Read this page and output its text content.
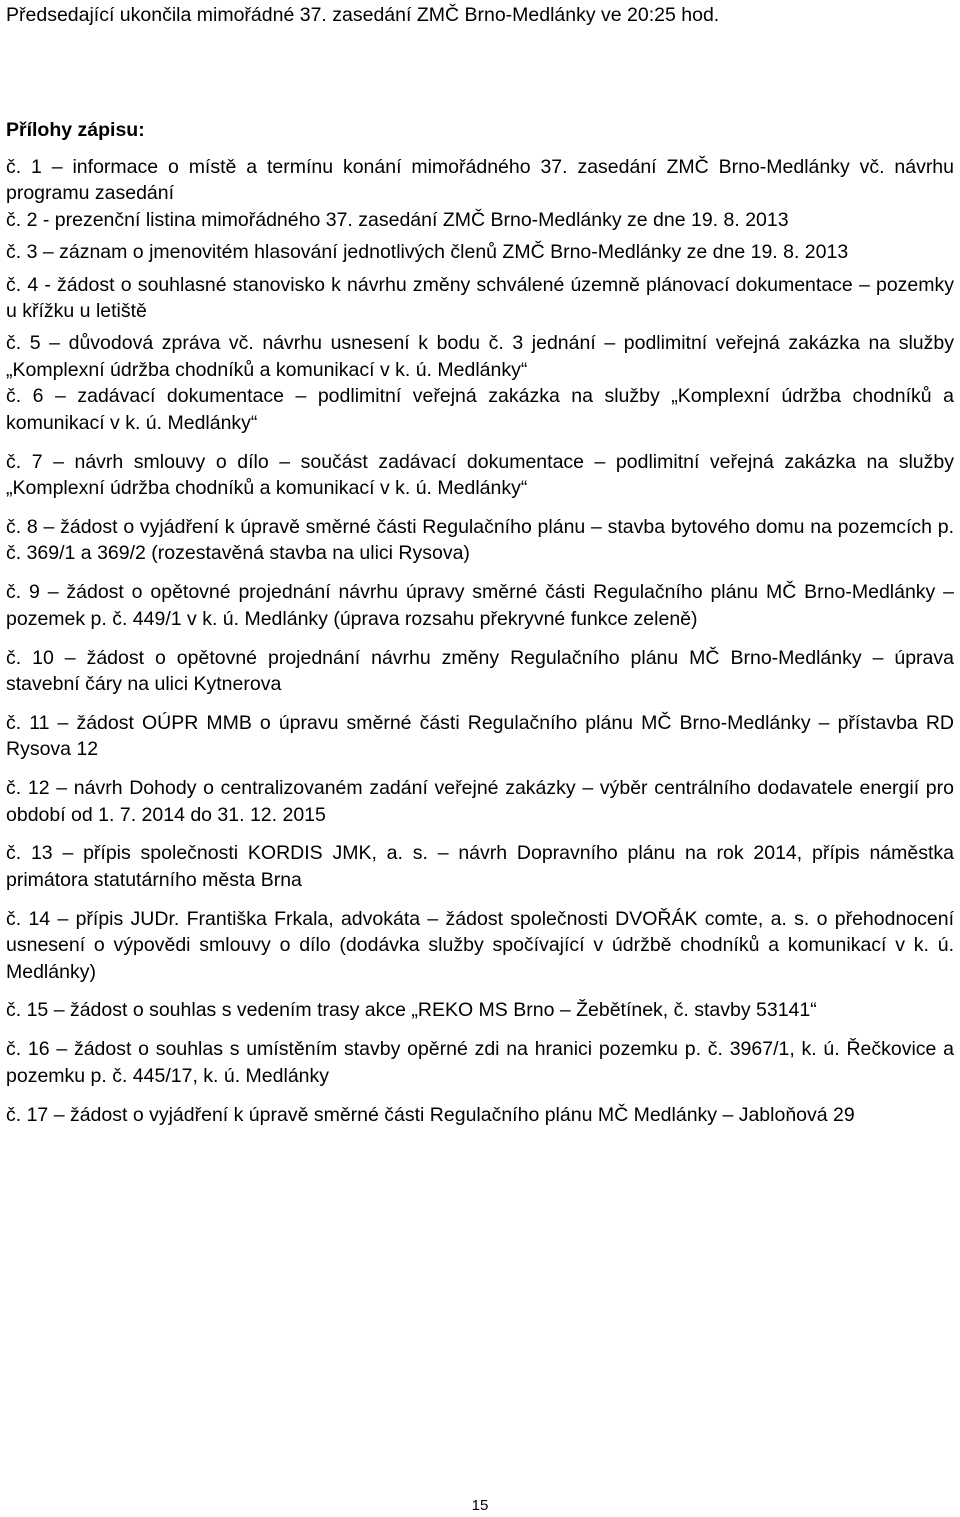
Předsedající ukončila mimořádné 37. zasedání ZMČ Brno-Medlánky ve 20:25 hod.
Přílohy zápisu:

č. 1 – informace o místě a termínu konání mimořádného 37. zasedání ZMČ Brno-Medlánky vč. návrhu programu zasedání

č. 2 - prezenční listina mimořádného 37. zasedání ZMČ Brno-Medlánky ze dne 19. 8. 2013

č. 3 – záznam o jmenovitém hlasování jednotlivých členů ZMČ Brno-Medlánky ze dne 19. 8. 2013

č. 4 - žádost o souhlasné stanovisko k návrhu změny schválené územně plánovací dokumentace – pozemky u křížku u letiště

č. 5 – důvodová zpráva vč. návrhu usnesení k bodu č. 3 jednání – podlimitní veřejná zakázka na služby „Komplexní údržba chodníků a komunikací v k. ú. Medlánky“

č. 6 – zadávací dokumentace – podlimitní veřejná zakázka na služby „Komplexní údržba chodníků a komunikací v k. ú. Medlánky“

č. 7 – návrh smlouvy o dílo – součást zadávací dokumentace – podlimitní veřejná zakázka na služby „Komplexní údržba chodníků a komunikací v k. ú. Medlánky“

č. 8 – žádost o vyjádření k úpravě směrné části Regulačního plánu – stavba bytového domu na pozemcích p. č. 369/1 a 369/2 (rozestavěná stavba na ulici Rysova)

č. 9 – žádost o opětovné projednání návrhu úpravy směrné části Regulačního plánu MČ Brno-Medlánky – pozemek p. č. 449/1 v k. ú. Medlánky (úprava rozsahu překryvné funkce zeleně)

č. 10 – žádost o opětovné projednání návrhu změny Regulačního plánu MČ Brno-Medlánky – úprava stavební čáry na ulici Kytnerova

č. 11 – žádost OÚPR MMB o úpravu směrné části Regulačního plánu MČ Brno-Medlánky – přístavba RD Rysova 12

č. 12 – návrh Dohody o centralizovaném zadání veřejné zakázky – výběr centrálního dodavatele energií pro období od 1. 7. 2014 do 31. 12. 2015

č. 13 – přípis společnosti KORDIS JMK, a. s. – návrh Dopravního plánu na rok 2014, přípis náměstka primátora statutárního města Brna

č. 14 – přípis JUDr. Františka Frkala, advokáta – žádost společnosti DVOŘÁK comte, a. s. o přehodnocení usnesení o výpovědi smlouvy o dílo (dodávka služby spočívající v údržbě chodníků a komunikací v k. ú. Medlánky)

č. 15 – žádost o souhlas s vedením trasy akce „REKO MS Brno – Žebětínek, č. stavby 53141“

č. 16 – žádost o souhlas s umístěním stavby opěrné zdi na hranici pozemku p. č. 3967/1, k. ú. Řečkovice a pozemku p. č. 445/17, k. ú. Medlánky

č. 17 – žádost o vyjádření k úpravě směrné části Regulačního plánu MČ Medlánky – Jabloňová 29

15
